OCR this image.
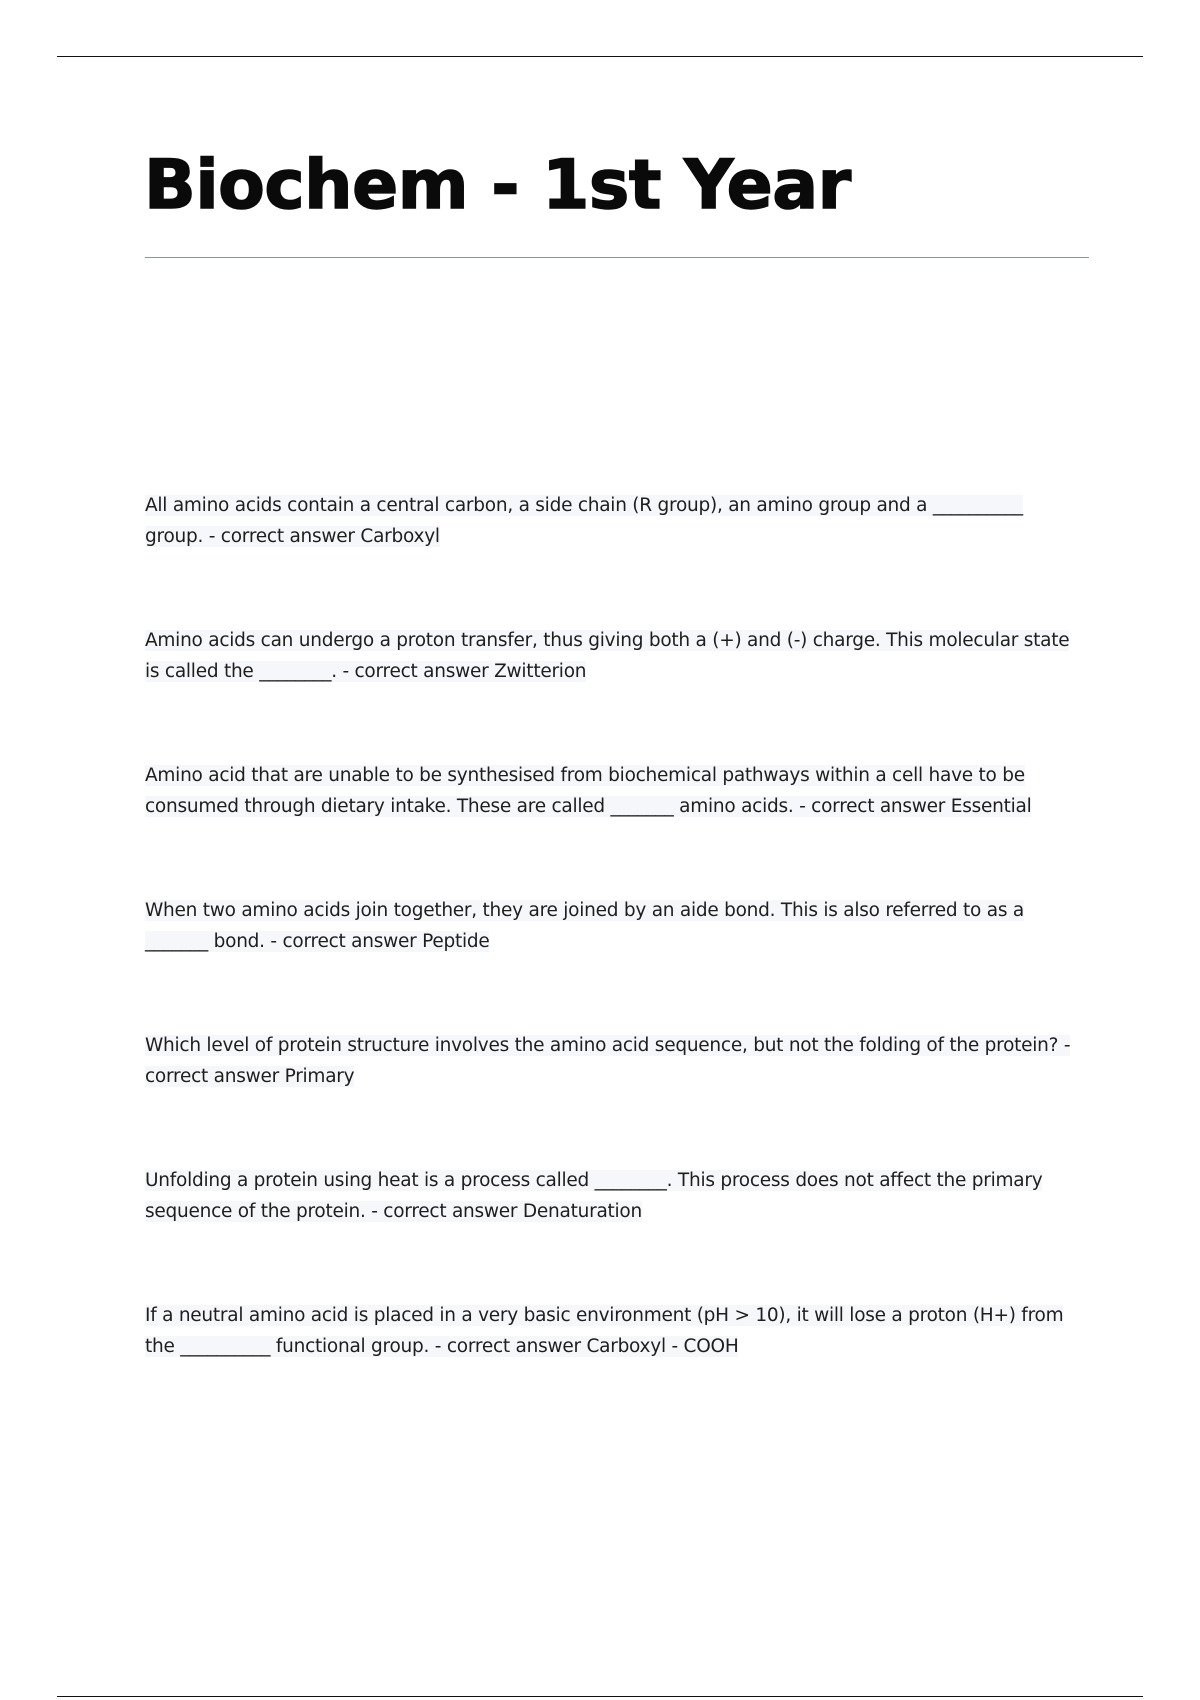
Biochem - 1st Year
All amino acids contain a central carbon, a side chain (R group), an amino group and a __________ group. - correct answer Carboxyl
Amino acids can undergo a proton transfer, thus giving both a (+) and (-) charge. This molecular state is called the ________. - correct answer Zwitterion
Amino acid that are unable to be synthesised from biochemical pathways within a cell have to be consumed through dietary intake. These are called _______ amino acids. - correct answer Essential
When two amino acids join together, they are joined by an aide bond. This is also referred to as a _______ bond. - correct answer Peptide
Which level of protein structure involves the amino acid sequence, but not the folding of the protein? - correct answer Primary
Unfolding a protein using heat is a process called ________. This process does not affect the primary sequence of the protein. - correct answer Denaturation
If a neutral amino acid is placed in a very basic environment (pH > 10), it will lose a proton (H+) from the __________ functional group. - correct answer Carboxyl - COOH
